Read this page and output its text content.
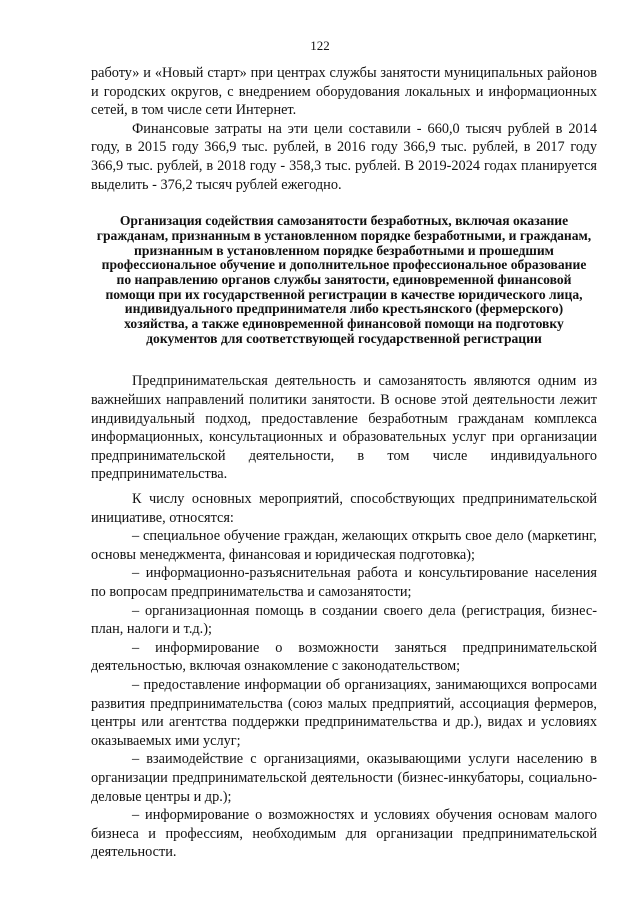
122

работу» и «Новый старт» при центрах службы занятости муниципальных районов и городских округов, с внедрением оборудования локальных и информационных сетей, в том числе сети Интернет.

Финансовые затраты на эти цели составили - 660,0 тысяч рублей в 2014 году, в 2015 году 366,9 тыс. рублей, в 2016 году 366,9 тыс. рублей, в 2017 году 366,9 тыс. рублей, в 2018 году - 358,3 тыс. рублей. В 2019-2024 годах планируется выделить - 376,2 тысяч рублей ежегодно.

Организация содействия самозанятости безработных, включая оказание гражданам, признанным в установленном порядке безработными, и гражданам, признанным в установленном порядке безработными и прошедшим профессиональное обучение и дополнительное профессиональное образование по направлению органов службы занятости, единовременной финансовой помощи при их государственной регистрации в качестве юридического лица, индивидуального предпринимателя либо крестьянского (фермерского) хозяйства, а также единовременной финансовой помощи на подготовку документов для соответствующей государственной регистрации

Предпринимательская деятельность и самозанятость являются одним из важнейших направлений политики занятости. В основе этой деятельности лежит индивидуальный подход, предоставление безработным гражданам комплекса информационных, консультационных и образовательных услуг при организации предпринимательской деятельности, в том числе индивидуального предпринимательства.

К числу основных мероприятий, способствующих предпринимательской инициативе, относятся:

– специальное обучение граждан, желающих открыть свое дело (маркетинг, основы менеджмента, финансовая и юридическая подготовка);

– информационно-разъяснительная работа и консультирование населения по вопросам предпринимательства и самозанятости;

– организационная помощь в создании своего дела (регистрация, бизнес-план, налоги и т.д.);

– информирование о возможности заняться предпринимательской деятельностью, включая ознакомление с законодательством;

– предоставление информации об организациях, занимающихся вопросами развития предпринимательства (союз малых предприятий, ассоциация фермеров, центры или агентства поддержки предпринимательства и др.), видах и условиях оказываемых ими услуг;

– взаимодействие с организациями, оказывающими услуги населению в организации предпринимательской деятельности (бизнес-инкубаторы, социально-деловые центры и др.);

– информирование о возможностях и условиях обучения основам малого бизнеса и профессиям, необходимым для организации предпринимательской деятельности.
